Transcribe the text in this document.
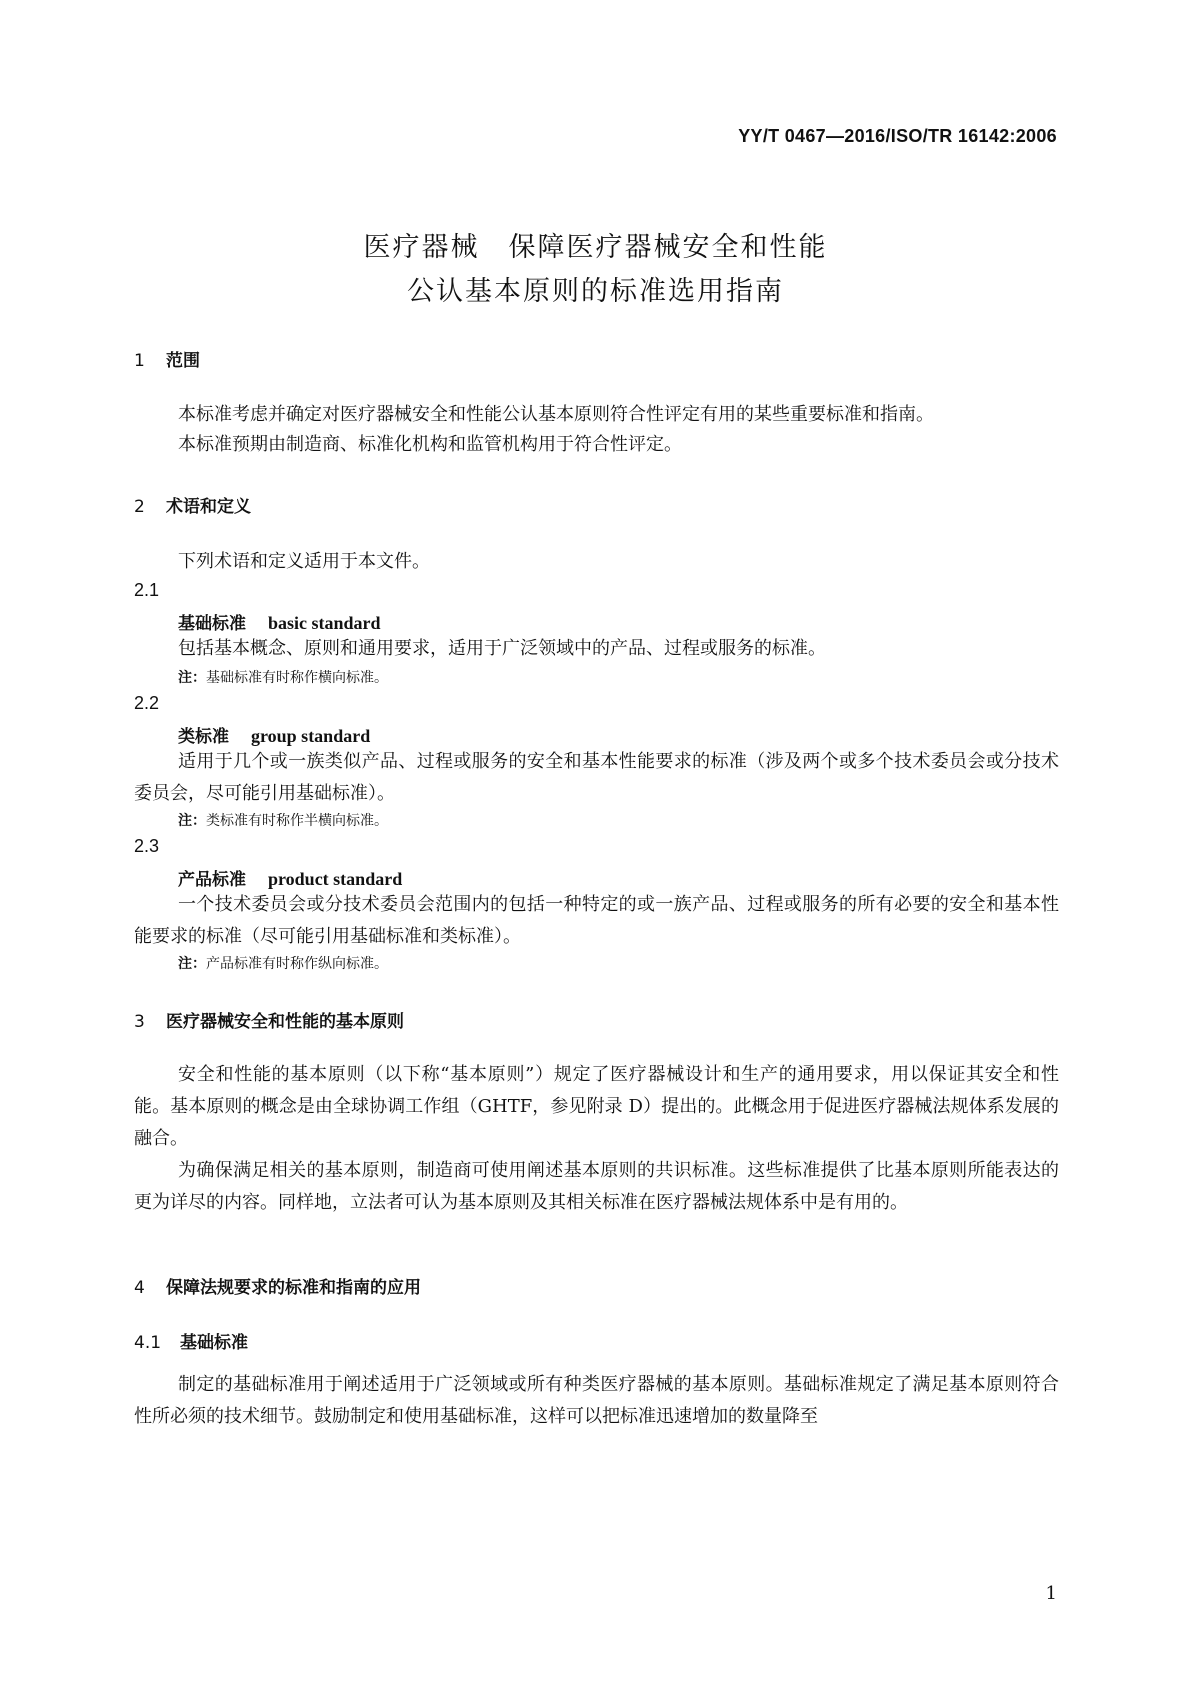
YY/T 0467—2016/ISO/TR 16142:2006
医疗器械　保障医疗器械安全和性能
公认基本原则的标准选用指南
1 范围
本标准考虑并确定对医疗器械安全和性能公认基本原则符合性评定有用的某些重要标准和指南。
本标准预期由制造商、标准化机构和监管机构用于符合性评定。
2 术语和定义
下列术语和定义适用于本文件。
2.1
基础标准 basic standard
包括基本概念、原则和通用要求，适用于广泛领域中的产品、过程或服务的标准。
注：基础标准有时称作横向标准。
2.2
类标准 group standard
适用于几个或一族类似产品、过程或服务的安全和基本性能要求的标准（涉及两个或多个技术委员会或分技术委员会，尽可能引用基础标准）。
注：类标准有时称作半横向标准。
2.3
产品标准 product standard
一个技术委员会或分技术委员会范围内的包括一种特定的或一族产品、过程或服务的所有必要的安全和基本性能要求的标准（尽可能引用基础标准和类标准）。
注：产品标准有时称作纵向标准。
3 医疗器械安全和性能的基本原则
安全和性能的基本原则（以下称“基本原则”）规定了医疗器械设计和生产的通用要求，用以保证其安全和性能。基本原则的概念是由全球协调工作组（GHTF，参见附录 D）提出的。此概念用于促进医疗器械法规体系发展的融合。
为确保满足相关的基本原则，制造商可使用阐述基本原则的共识标准。这些标准提供了比基本原则所能表达的更为详尽的内容。同样地，立法者可认为基本原则及其相关标准在医疗器械法规体系中是有用的。
4 保障法规要求的标准和指南的应用
4.1 基础标准
制定的基础标准用于阐述适用于广泛领域或所有种类医疗器械的基本原则。基础标准规定了满足基本原则符合性所必须的技术细节。鼓励制定和使用基础标准，这样可以把标准迅速增加的数量降至
1
